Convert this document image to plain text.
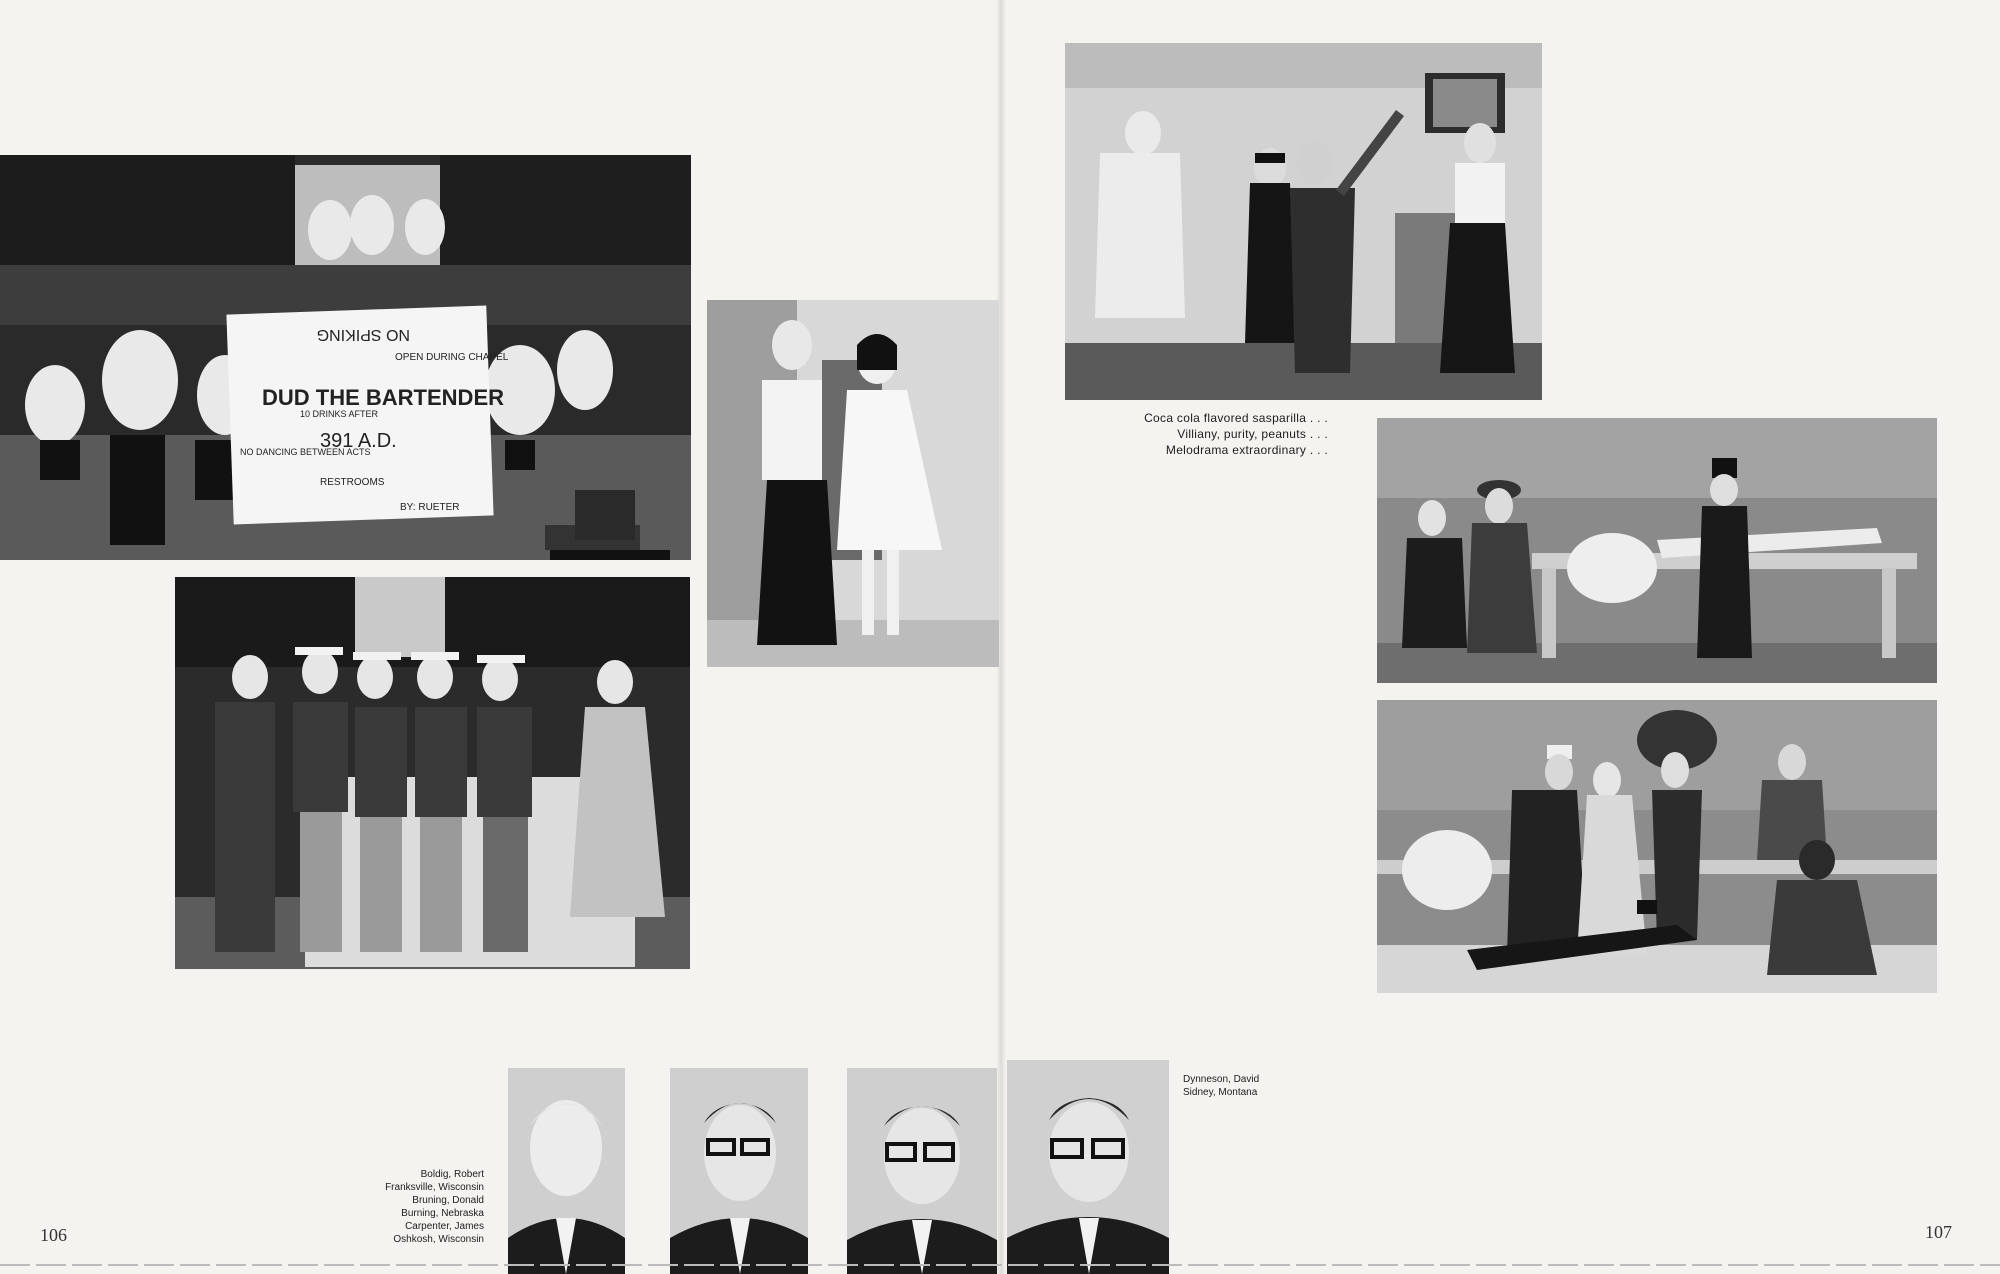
NO SPIKING
DUD THE BARTENDER
OPEN DURING CHAPEL
NO DANCING BETWEEN ACTS
10 DRINKS AFTER
391 A.D.
RESTROOMS
BY: RUETER
Boldig, Robert
Franksville, Wisconsin
Bruning, Donald
Burning, Nebraska
Carpenter, James
Oshkosh, Wisconsin
106
Coca cola flavored sasparilla . . .
Villiany, purity, peanuts . . .
Melodrama extraordinary . . .
Dynneson, David
Sidney, Montana
107
